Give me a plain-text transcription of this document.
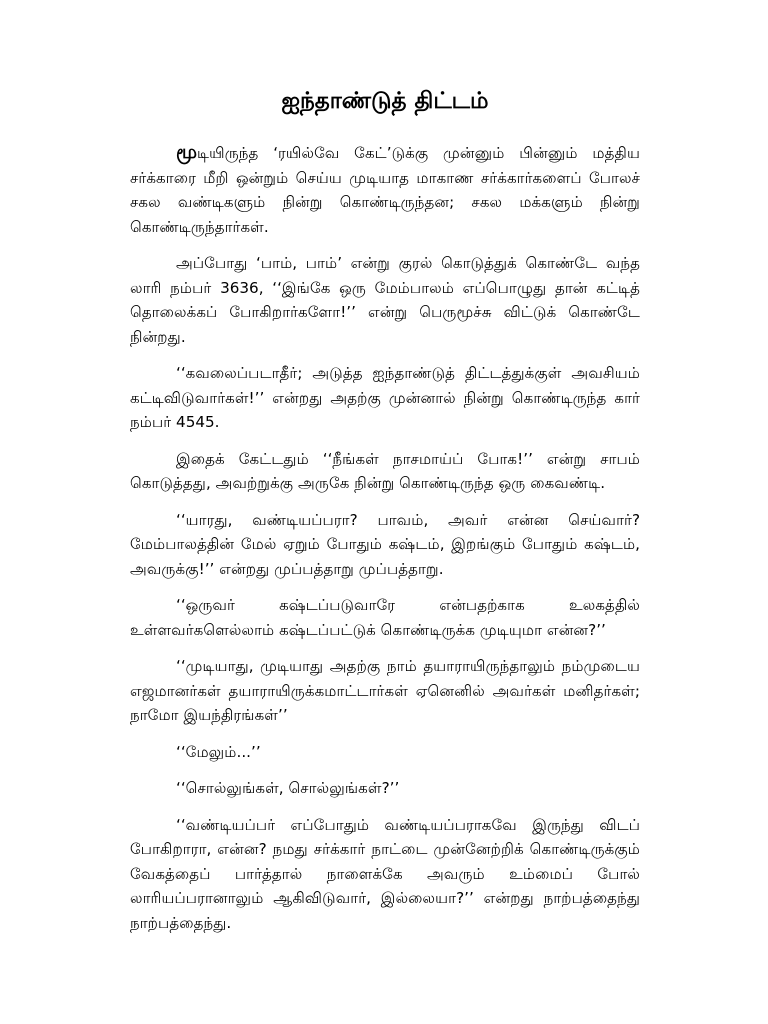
ஐந்தாண்டுத் திட்டம்

மூடியிருந்த ‘ரயில்வே கேட்’டுக்கு முன்னும் பின்னும் மத்திய சர்க்காரை மீறி ஒன்றும் செய்ய முடியாத மாகாண சர்க்கார்களைப் போலச் சகல வண்டிகளும் நின்று கொண்டிருந்தன; சகல மக்களும் நின்று கொண்டிருந்தார்கள்.

அப்போது ‘பாம், பாம்’ என்று குரல் கொடுத்துக் கொண்டே வந்த லாரி நம்பர் 3636, ‘‘இங்கே ஒரு மேம்பாலம் எப்பொழுது தான் கட்டித் தொலைக்கப் போகிறார்களோ!’’ என்று பெருமூச்சு விட்டுக் கொண்டே நின்றது.

‘‘கவலைப்படாதீர்; அடுத்த ஐந்தாண்டுத் திட்டத்துக்குள் அவசியம் கட்டிவிடுவார்கள்!’’ என்றது அதற்கு முன்னால் நின்று கொண்டிருந்த கார் நம்பர் 4545.

இதைக் கேட்டதும் ‘‘நீங்கள் நாசமாய்ப் போக!’’ என்று சாபம் கொடுத்தது, அவற்றுக்கு அருகே நின்று கொண்டிருந்த ஒரு கைவண்டி.

‘‘யாரது, வண்டியப்பரா? பாவம், அவர் என்ன செய்வார்? மேம்பாலத்தின் மேல் ஏறும் போதும் கஷ்டம், இறங்கும் போதும் கஷ்டம், அவருக்கு!’’ என்றது முப்பத்தாறு முப்பத்தாறு.

‘‘ஒருவர் கஷ்டப்படுவாரே என்பதற்காக உலகத்தில் உள்ளவர்களெல்லாம் கஷ்டப்பட்டுக் கொண்டிருக்க முடியுமா என்ன?’’

‘‘முடியாது, முடியாது அதற்கு நாம் தயாராயிருந்தாலும் நம்முடைய எஜமானர்கள் தயாராயிருக்கமாட்டார்கள் ஏனெனில் அவர்கள் மனிதர்கள்; நாமோ இயந்திரங்கள்’’

‘‘மேலும்...’’

‘‘சொல்லுங்கள், சொல்லுங்கள்?’’

‘‘வண்டியப்பர் எப்போதும் வண்டியப்பராகவே இருந்து விடப் போகிறாரா, என்ன? நமது சர்க்கார் நாட்டை முன்னேற்றிக் கொண்டிருக்கும் வேகத்தைப் பார்த்தால் நாளைக்கே அவரும் உம்மைப் போல் லாரியப்பரானாலும் ஆகிவிடுவார், இல்லையா?’’ என்றது நாற்பத்தைந்து நாற்பத்தைந்து.
